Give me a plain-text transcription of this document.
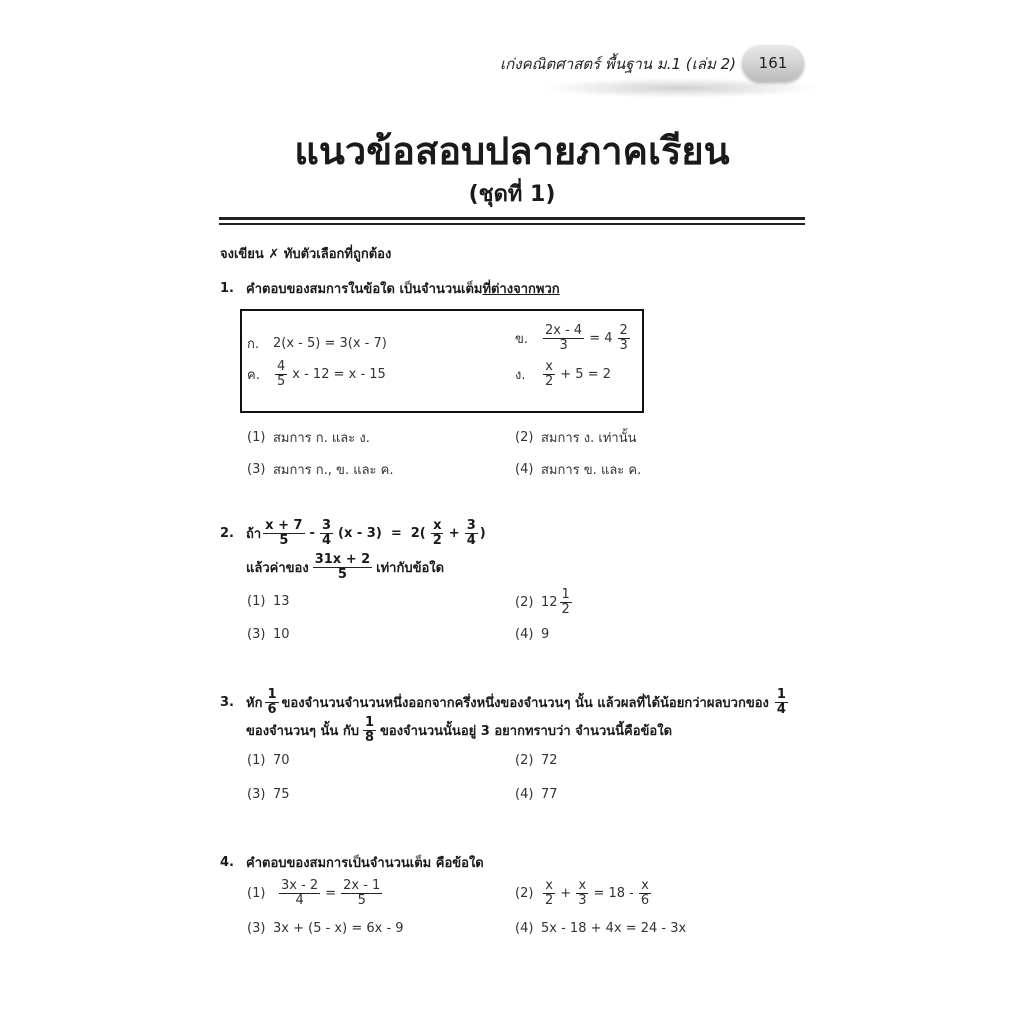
เก่งคณิตศาสตร์ พื้นฐาน ม.1 (เล่ม 2)	161
แนวข้อสอบปลายภาคเรียน
(ชุดที่ 1)
จงเขียน ✗ ทับตัวเลือกที่ถูกต้อง
1. คำตอบของสมการในข้อใด เป็นจำนวนเต็ม ที่ต่างจากพวก
ก.	2(x - 5) = 3(x - 7)	ข.	$\frac{2x - 4}{3} = 4 \frac{2}{3}$
ค.	$\frac{4}{5}$ x - 12 = x - 15	ง.	$\frac{x}{2} + 5 = 2$
(1) สมการ ก. และ ง.	(2) สมการ ง. เท่านั้น
(3) สมการ ก., ข. และ ค.	(4) สมการ ข. และ ค.
2. ถ้า $\frac{x + 7}{5} - \frac{3}{4} (x - 3) = 2( \frac{x}{2} + \frac{3}{4}$ )
แล้วค่าของ $\frac{31x + 2}{5}$ เท่ากับข้อใด
(1) 13	(2) $12 \frac{1}{2}$
(3) 10	(4) 9
3. หัก $\frac{1}{6}$ ของจำนวนจำนวนหนึ่งออกจากครึ่งหนึ่งของจำนวนๆ นั้น แล้วผลที่ได้น้อยกว่าผลบวกของ $\frac{1}{4}$
ของจำนวนๆ นั้น กับ $\frac{1}{8}$ ของจำนวนนั้นอยู่ 3 อยากทราบว่า จำนวนนี้คือข้อใด
(1) 70	(2) 72
(3) 75	(4) 77
4. คำตอบของสมการเป็นจำนวนเต็ม คือข้อใด
(1)	$\frac{3x - 2}{4} = \frac{2x - 1}{5}$	$(2) \frac{x}{2} + \frac{x}{3} = 18 - \frac{x}{6}$
(3) 3x + (5 - x) = 6x - 9	(4) 5x - 18 + 4x = 24 - 3x
